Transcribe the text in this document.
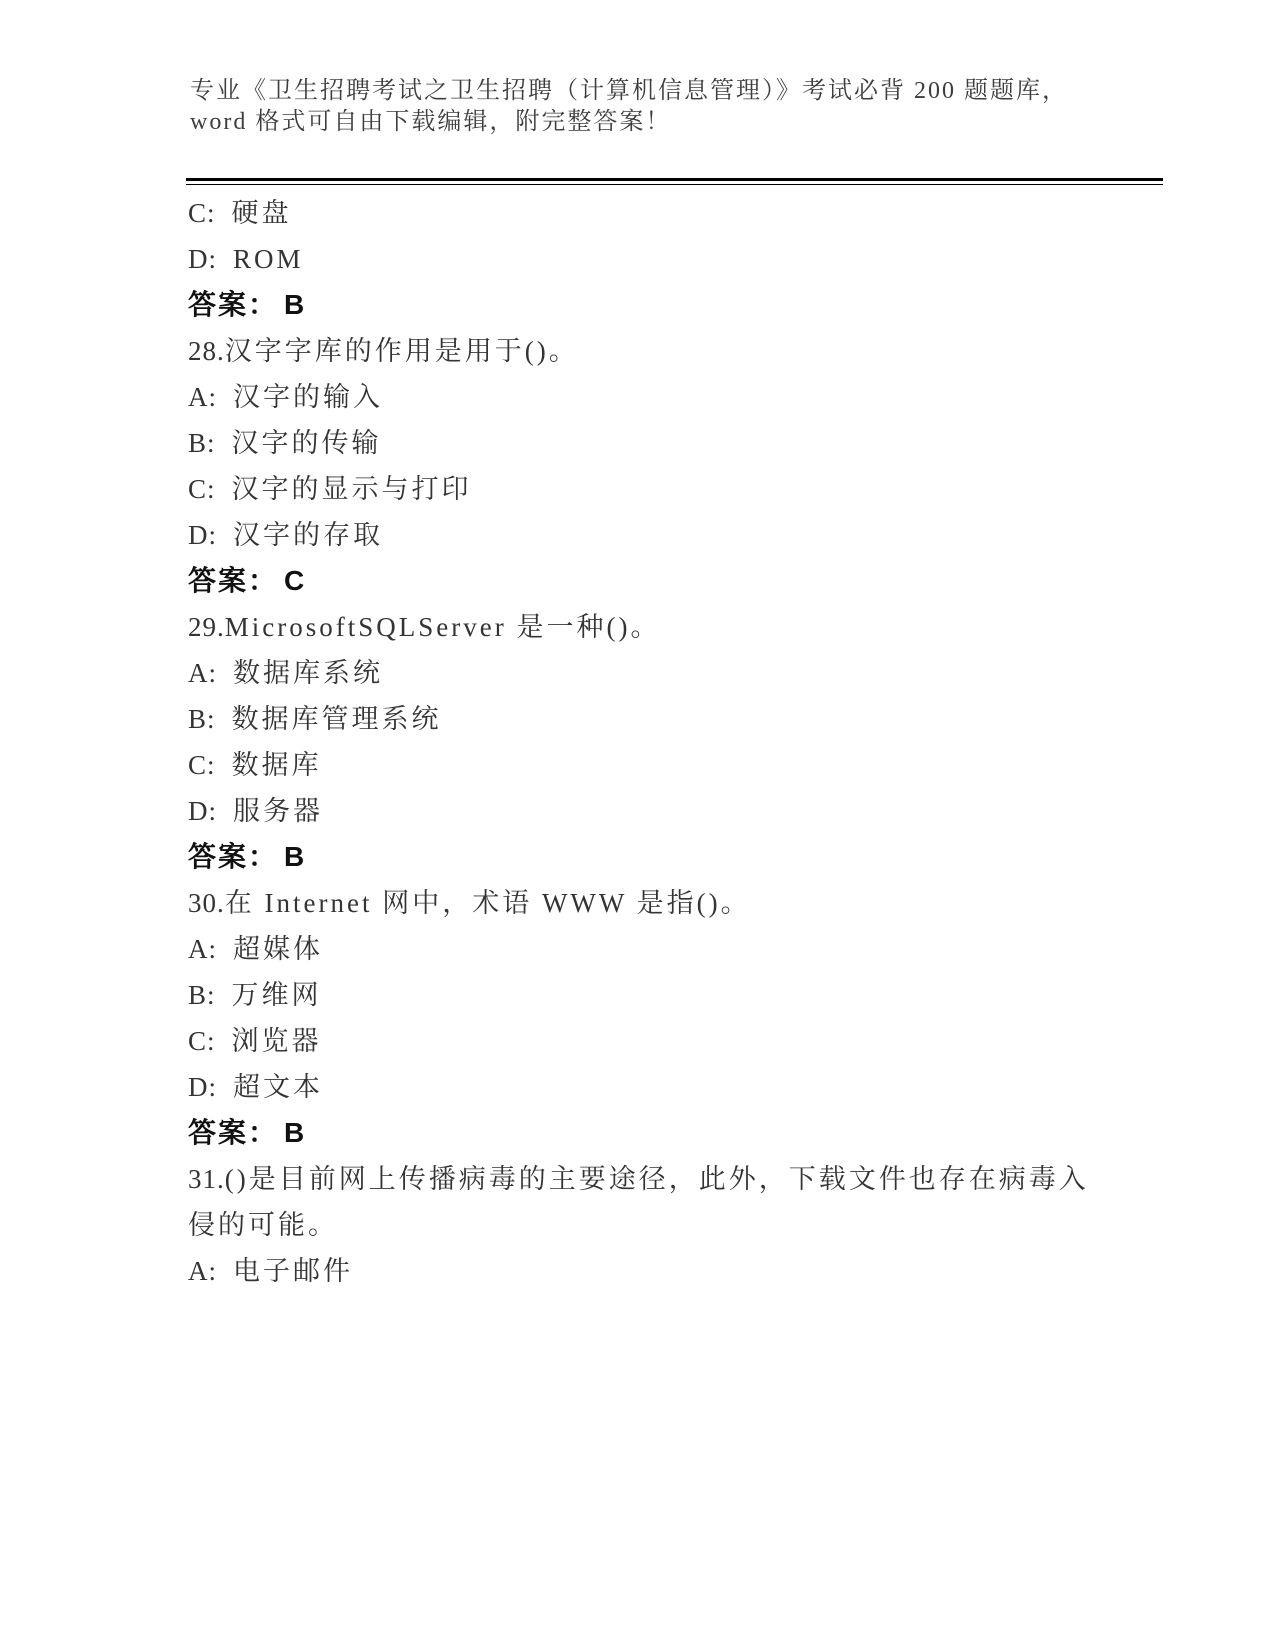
专业《卫生招聘考试之卫生招聘（计算机信息管理）》考试必背 200 题题库，word 格式可自由下载编辑，附完整答案！
C: 硬盘
D: ROM
答案： B
28.汉字字库的作用是用于()。
A: 汉字的输入
B: 汉字的传输
C: 汉字的显示与打印
D: 汉字的存取
答案： C
29.MicrosoftSQLServer 是一种()。
A: 数据库系统
B: 数据库管理系统
C: 数据库
D: 服务器
答案： B
30.在 Internet 网中，术语 WWW 是指()。
A: 超媒体
B: 万维网
C: 浏览器
D: 超文本
答案： B
31.()是目前网上传播病毒的主要途径，此外，下载文件也存在病毒入侵的可能。
A: 电子邮件
